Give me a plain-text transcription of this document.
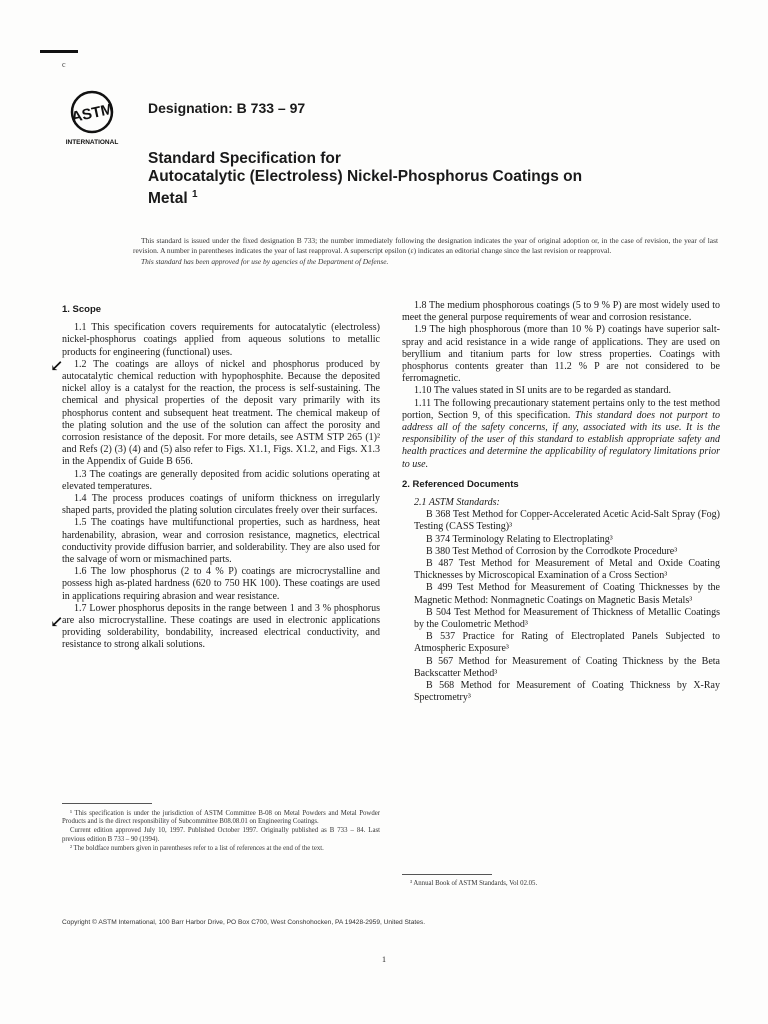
c
ASTM
INTERNATIONAL
Designation: B 733 – 97
Standard Specification for
Autocatalytic (Electroless) Nickel-Phosphorus Coatings on
Metal $^1$

This standard is issued under the fixed designation B 733; the number immediately following the designation indicates the year of original adoption or, in the case of revision, the year of last revision. A number in parentheses indicates the year of last reapproval. A superscript epsilon (ε) indicates an editorial change since the last revision or reapproval.

This standard has been approved for use by agencies of the Department of Defense.

1. Scope

1.1 This specification covers requirements for autocatalytic (electroless) nickel-phosphorus coatings applied from aqueous solutions to metallic products for engineering (functional) uses.

1.2 The coatings are alloys of nickel and phosphorus produced by autocatalytic chemical reduction with hypophosphite. Because the deposited nickel alloy is a catalyst for the reaction, the process is self-sustaining. The chemical and physical properties of the deposit vary primarily with its phosphorus content and subsequent heat treatment. The chemical makeup of the plating solution and the use of the solution can affect the porosity and corrosion resistance of the deposit. For more details, see ASTM STP 265 (1)² and Refs (2) (3) (4) and (5) also refer to Figs. X1.1, Figs. X1.2, and Figs. X1.3 in the Appendix of Guide B 656.

1.3 The coatings are generally deposited from acidic solutions operating at elevated temperatures.

1.4 The process produces coatings of uniform thickness on irregularly shaped parts, provided the plating solution circulates freely over their surfaces.

1.5 The coatings have multifunctional properties, such as hardness, heat hardenability, abrasion, wear and corrosion resistance, magnetics, electrical conductivity provide diffusion barrier, and solderability. They are also used for the salvage of worn or mismachined parts.

1.6 The low phosphorus (2 to 4 % P) coatings are microcrystalline and possess high as-plated hardness (620 to 750 HK 100). These coatings are used in applications requiring abrasion and wear resistance.

1.7 Lower phosphorus deposits in the range between 1 and 3 % phosphorus are also microcrystalline. These coatings are used in electronic applications providing solderability, bondability, increased electrical conductivity, and resistance to strong alkali solutions.

1.8 The medium phosphorous coatings (5 to 9 % P) are most widely used to meet the general purpose requirements of wear and corrosion resistance.

1.9 The high phosphorous (more than 10 % P) coatings have superior salt-spray and acid resistance in a wide range of applications. They are used on beryllium and titanium parts for low stress properties. Coatings with phosphorus contents greater than 11.2 % P are not considered to be ferromagnetic.

1.10 The values stated in SI units are to be regarded as standard.

1.11 The following precautionary statement pertains only to the test method portion, Section 9, of this specification. This standard does not purport to address all of the safety concerns, if any, associated with its use. It is the responsibility of the user of this standard to establish appropriate safety and health practices and determine the applicability of regulatory limitations prior to use.

2. Referenced Documents

2.1 ASTM Standards:

B 368 Test Method for Copper-Accelerated Acetic Acid-Salt Spray (Fog) Testing (CASS Testing)³

B 374 Terminology Relating to Electroplating³

B 380 Test Method of Corrosion by the Corrodkote Procedure³

B 487 Test Method for Measurement of Metal and Oxide Coating Thicknesses by Microscopical Examination of a Cross Section³

B 499 Test Method for Measurement of Coating Thicknesses by the Magnetic Method: Nonmagnetic Coatings on Magnetic Basis Metals³

B 504 Test Method for Measurement of Thickness of Metallic Coatings by the Coulometric Method³

B 537 Practice for Rating of Electroplated Panels Subjected to Atmospheric Exposure³

B 567 Method for Measurement of Coating Thickness by the Beta Backscatter Method³

B 568 Method for Measurement of Coating Thickness by X-Ray Spectrometry³

↙
↙

¹ This specification is under the jurisdiction of ASTM Committee B-08 on Metal Powders and Metal Powder Products and is the direct responsibility of Subcommittee B08.08.01 on Engineering Coatings.

Current edition approved July 10, 1997. Published October 1997. Originally published as B 733 – 84. Last previous edition B 733 – 90 (1994).

² The boldface numbers given in parentheses refer to a list of references at the end of the text.

³ Annual Book of ASTM Standards, Vol 02.05.

Copyright © ASTM International, 100 Barr Harbor Drive, PO Box C700, West Conshohocken, PA 19428-2959, United States.
1
